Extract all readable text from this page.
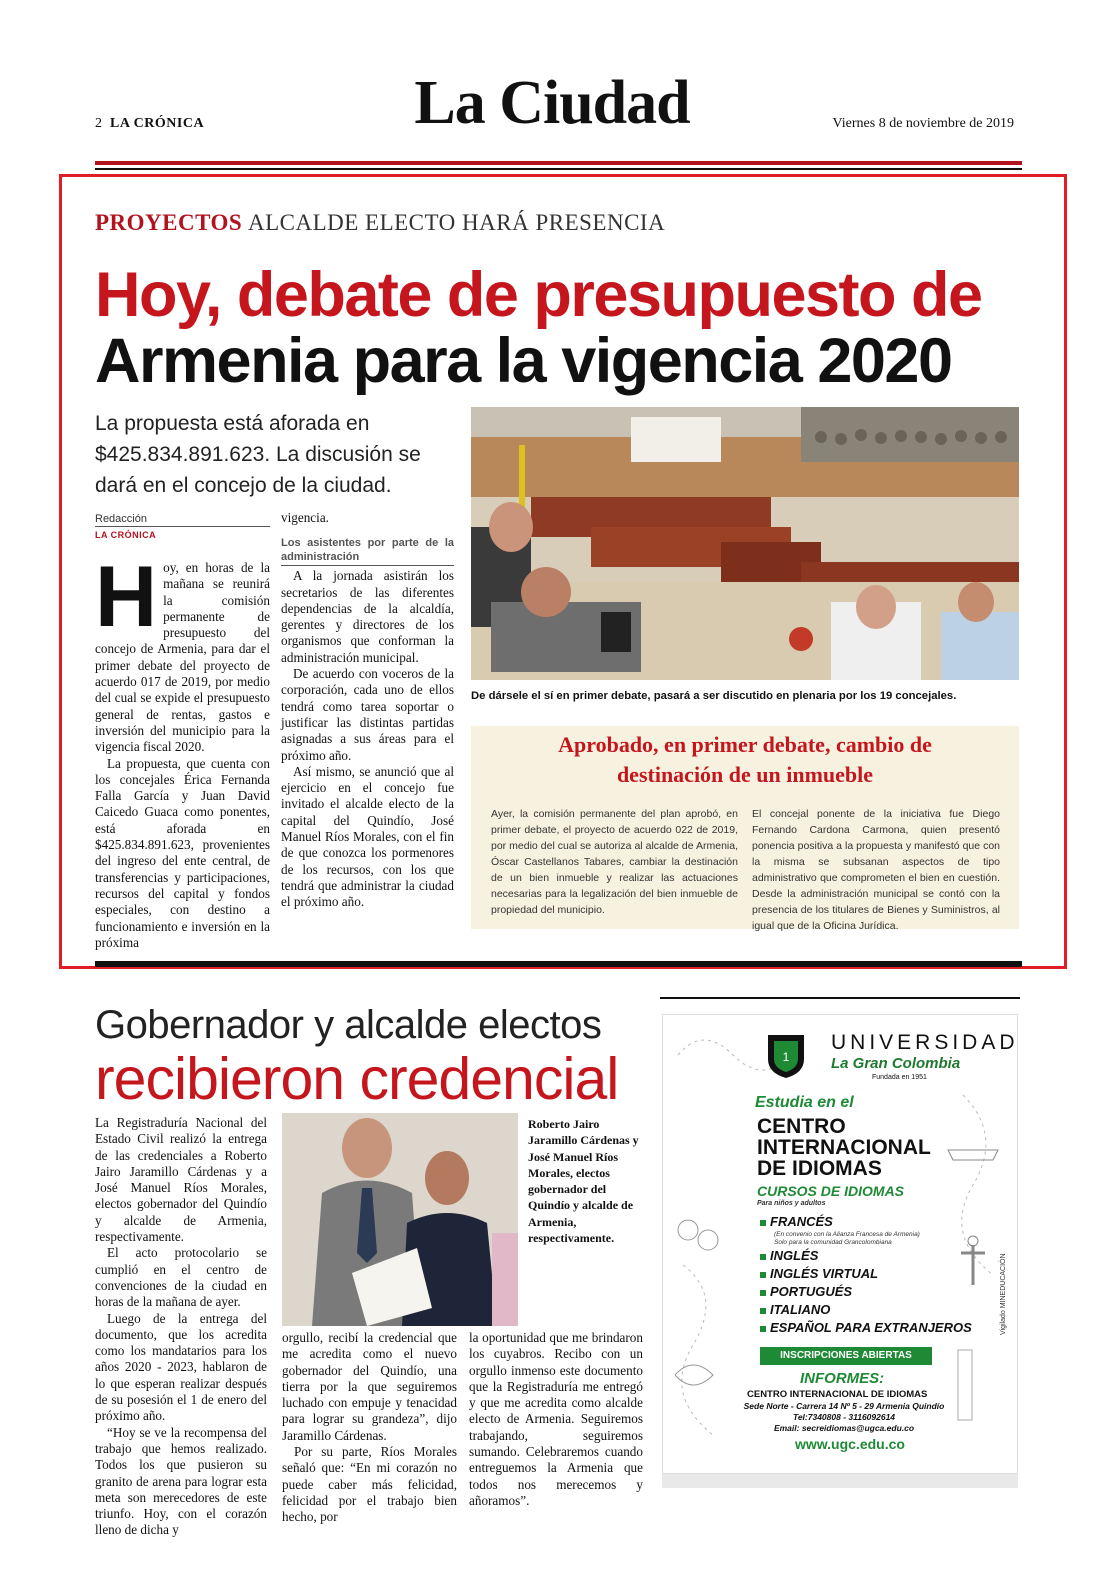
2 LA CRÓNICA	La Ciudad	Viernes 8 de noviembre de 2019
PROYECTOS ALCALDE ELECTO HARÁ PRESENCIA
Hoy, debate de presupuesto de
Armenia para la vigencia 2020
La propuesta está aforada en $425.834.891.623. La discusión se dará en el concejo de la ciudad.
Redacción
LA CRÓNICA
H oy, en horas de la mañana se reunirá la comisión permanente de presupuesto del concejo de Armenia, para dar el primer debate del proyecto de acuerdo 017 de 2019, por medio del cual se expide el presupuesto general de rentas, gastos e inversión del municipio para la vigencia fiscal 2020.

La propuesta, que cuenta con los concejales Érica Fernanda Falla García y Juan David Caicedo Guaca como ponentes, está aforada en $425.834.891.623, provenientes del ingreso del ente central, de transferencias y participaciones, recursos del capital y fondos especiales, con destino a funcionamiento e inversión en la próxima

vigencia.

Los asistentes por parte de la administración

A la jornada asistirán los secretarios de las diferentes dependencias de la alcaldía, gerentes y directores de los organismos que conforman la administración municipal.

De acuerdo con voceros de la corporación, cada uno de ellos tendrá como tarea soportar o justificar las distintas partidas asignadas a sus áreas para el próximo año.

Así mismo, se anunció que al ejercicio en el concejo fue invitado el alcalde electo de la capital del Quindío, José Manuel Ríos Morales, con el fin de que conozca los pormenores de los recursos, con los que tendrá que administrar la ciudad el próximo año.

De dársele el sí en primer debate, pasará a ser discutido en plenaria por los 19 concejales.
Aprobado, en primer debate, cambio de
destinación de un inmueble
Ayer, la comisión permanente del plan aprobó, en primer debate, el proyecto de acuerdo 022 de 2019, por medio del cual se autoriza al alcalde de Armenia, Óscar Castellanos Tabares, cambiar la destinación de un bien inmueble y realizar las actuaciones necesarias para la legalización del bien inmueble de propiedad del municipio.
El concejal ponente de la iniciativa fue Diego Fernando Cardona Carmona, quien presentó ponencia positiva a la propuesta y manifestó que con la misma se subsanan aspectos de tipo administrativo que comprometen el bien en cuestión. Desde la administración municipal se contó con la presencia de los titulares de Bienes y Suministros, al igual que de la Oficina Jurídica.
Gobernador y alcalde electos
recibieron credencial

La Registraduría Nacional del Estado Civil realizó la entrega de las credenciales a Roberto Jairo Jaramillo Cárdenas y a José Manuel Ríos Morales, electos gobernador del Quindío y alcalde de Armenia, respectivamente.

El acto protocolario se cumplió en el centro de convenciones de la ciudad en horas de la mañana de ayer.

Luego de la entrega del documento, que los acredita como los mandatarios para los años 2020 - 2023, hablaron de lo que esperan realizar después de su posesión el 1 de enero del próximo año.

“Hoy se ve la recompensa del trabajo que hemos realizado. Todos los que pusieron su granito de arena para lograr esta meta son merecedores de este triunfo. Hoy, con el corazón lleno de dicha y

Roberto Jairo Jaramillo Cárdenas y José Manuel Ríos Morales, electos gobernador del Quindío y alcalde de Armenia, respectivamente.

orgullo, recibí la credencial que me acredita como el nuevo gobernador del Quindío, una tierra por la que seguiremos luchado con empuje y tenacidad para lograr su grandeza”, dijo Jaramillo Cárdenas.

Por su parte, Ríos Morales señaló que: “En mi corazón no puede caber más felicidad, felicidad por el trabajo bien hecho, por

la oportunidad que me brindaron los cuyabros. Recibo con un orgullo inmenso este documento que la Registraduría me entregó y que me acredita como alcalde electo de Armenia. Seguiremos trabajando, seguiremos sumando. Celebraremos cuando entreguemos la Armenia que todos nos merecemos y añoramos”.

1
UNIVERSIDAD
La Gran Colombia
Fundada en 1951
Estudia en el
CENTRO
INTERNACIONAL
DE IDIOMAS
CURSOS DE IDIOMAS
Para niños y adultos
FRANCÉS
(En convenio con la Alianza Francesa de Armenia)
Solo para la comunidad Grancolombiana
INGLÉS
INGLÉS VIRTUAL
PORTUGUÉS
ITALIANO
ESPAÑOL PARA EXTRANJEROS
INSCRIPCIONES ABIERTAS
INFORMES:
CENTRO INTERNACIONAL DE IDIOMAS
Sede Norte - Carrera 14 Nº 5 - 29 Armenia Quindío
Tel:7340808 - 3116092614
Email: secreidiomas@ugca.edu.co
www.ugc.edu.co
Vigilado MINEDUCACIÓN
